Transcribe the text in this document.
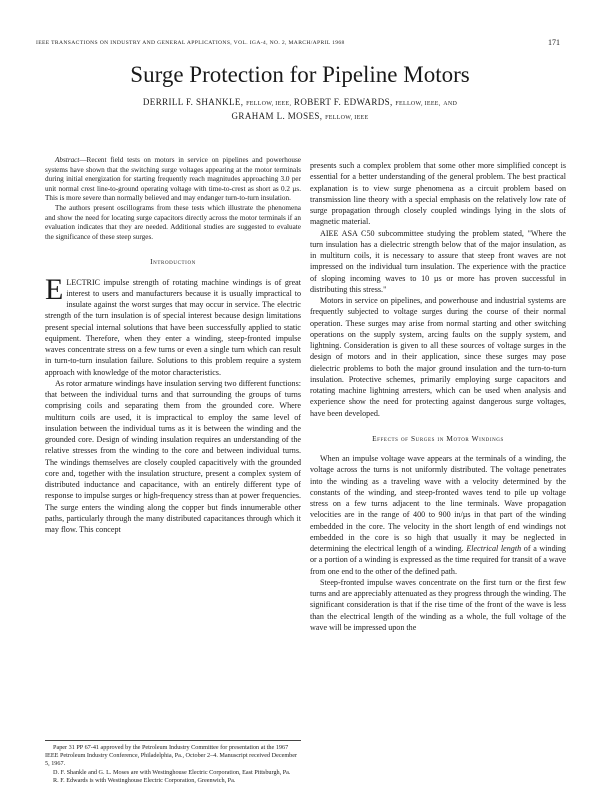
IEEE TRANSACTIONS ON INDUSTRY AND GENERAL APPLICATIONS, VOL. IGA-4, NO. 2, MARCH/APRIL 1968	171
Surge Protection for Pipeline Motors
DERRILL F. SHANKLE, FELLOW, IEEE, ROBERT F. EDWARDS, FELLOW, IEEE, AND
GRAHAM L. MOSES, FELLOW, IEEE

Abstract—Recent field tests on motors in service on pipelines and powerhouse systems have shown that the switching surge voltages appearing at the motor terminals during initial energization for starting frequently reach magnitudes approaching 3.0 per unit normal crest line-to-ground operating voltage with time-to-crest as short as 0.2 µs. This is more severe than normally believed and may endanger turn-to-turn insulation.

The authors present oscillograms from these tests which illustrate the phenomena and show the need for locating surge capacitors directly across the motor terminals if an evaluation indicates that they are needed. Additional studies are suggested to evaluate the significance of these steep surges.

Introduction

ELECTRIC impulse strength of rotating machine windings is of great interest to users and manufacturers because it is usually impractical to insulate against the worst surges that may occur in service. The electric strength of the turn insulation is of special interest because design limitations present special internal solutions that have been successfully applied to static equipment. Therefore, when they enter a winding, steep-fronted impulse waves concentrate stress on a few turns or even a single turn which can result in turn-to-turn insulation failure. Solutions to this problem require a system approach with knowledge of the motor characteristics.

As rotor armature windings have insulation serving two different functions: that between the individual turns and that surrounding the groups of turns comprising coils and separating them from the grounded core. Where multiturn coils are used, it is impractical to employ the same level of insulation between the individual turns as it is between the winding and the grounded core. Design of winding insulation requires an understanding of the relative stresses from the winding to the core and between individual turns. The windings themselves are closely coupled capacitively with the grounded core and, together with the insulation structure, present a complex system of distributed inductance and capacitance, with an entirely different type of response to impulse surges or high-frequency stress than at power frequencies. The surge enters the winding along the copper but finds innumerable other paths, particularly through the many distributed capacitances through which it may flow. This concept

Paper 31 PP 67-41 approved by the Petroleum Industry Committee for presentation at the 1967 IEEE Petroleum Industry Conference, Philadelphia, Pa., October 2–4. Manuscript received December 5, 1967.

D. F. Shankle and G. L. Moses are with Westinghouse Electric Corporation, East Pittsburgh, Pa.

R. F. Edwards is with Westinghouse Electric Corporation, Greenwich, Pa.

presents such a complex problem that some other more simplified concept is essential for a better understanding of the general problem. The best practical explanation is to view surge phenomena as a circuit problem based on transmission line theory with a special emphasis on the relatively low rate of surge propagation through closely coupled windings lying in the slots of magnetic material.

AIEE ASA C50 subcommittee studying the problem stated, "Where the turn insulation has a dielectric strength below that of the major insulation, as in multiturn coils, it is necessary to assure that steep front waves are not impressed on the individual turn insulation. The experience with the practice of sloping incoming waves to 10 µs or more has proven successful in distributing this stress."

Motors in service on pipelines, and powerhouse and industrial systems are frequently subjected to voltage surges during the course of their normal operation. These surges may arise from normal starting and other switching operations on the supply system, arcing faults on the supply system, and lightning. Consideration is given to all these sources of voltage surges in the design of motors and in their application, since these surges may pose dielectric problems to both the major ground insulation and the turn-to-turn insulation. Protective schemes, primarily employing surge capacitors and rotating machine lightning arresters, which can be used when analysis and experience show the need for protecting against dangerous surge voltages, have been developed.

Effects of Surges in Motor Windings

When an impulse voltage wave appears at the terminals of a winding, the voltage across the turns is not uniformly distributed. The voltage penetrates into the winding as a traveling wave with a velocity determined by the constants of the winding, and steep-fronted waves tend to pile up voltage stress on a few turns adjacent to the line terminals. Wave propagation velocities are in the range of 400 to 900 in/µs in that part of the winding embedded in the core. The velocity in the short length of end windings not embedded in the core is so high that usually it may be neglected in determining the electrical length of a winding. Electrical length of a winding or a portion of a winding is expressed as the time required for transit of a wave from one end to the other of the defined path.

Steep-fronted impulse waves concentrate on the first turn or the first few turns and are appreciably attenuated as they progress through the winding. The significant consideration is that if the rise time of the front of the wave is less than the electrical length of the winding as a whole, the full voltage of the wave will be impressed upon the
